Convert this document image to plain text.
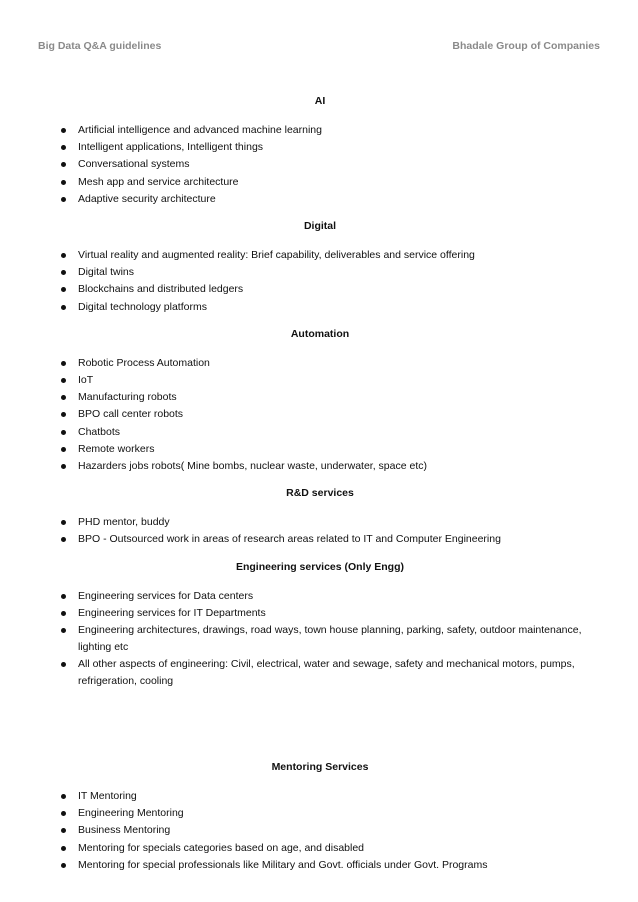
Big Data Q&A guidelines	Bhadale Group of Companies
AI
Artificial intelligence and advanced machine learning
Intelligent applications, Intelligent things
Conversational systems
Mesh app and service architecture
Adaptive security architecture
Digital
Virtual reality and augmented reality: Brief capability, deliverables and service offering
Digital twins
Blockchains and distributed ledgers
Digital technology platforms
Automation
Robotic Process Automation
IoT
Manufacturing robots
BPO call center robots
Chatbots
Remote workers
Hazarders jobs robots( Mine bombs, nuclear waste, underwater, space etc)
R&D services
PHD mentor, buddy
BPO - Outsourced work in areas of research areas related to IT and Computer Engineering
Engineering services (Only Engg)
Engineering services for Data centers
Engineering services for IT Departments
Engineering architectures, drawings, road ways, town house planning, parking, safety, outdoor maintenance, lighting etc
All other aspects of engineering: Civil, electrical, water and sewage, safety and mechanical motors, pumps, refrigeration, cooling
Mentoring Services
IT Mentoring
Engineering Mentoring
Business Mentoring
Mentoring for specials categories based on age, and disabled
Mentoring for special professionals like Military and Govt. officials under Govt. Programs
